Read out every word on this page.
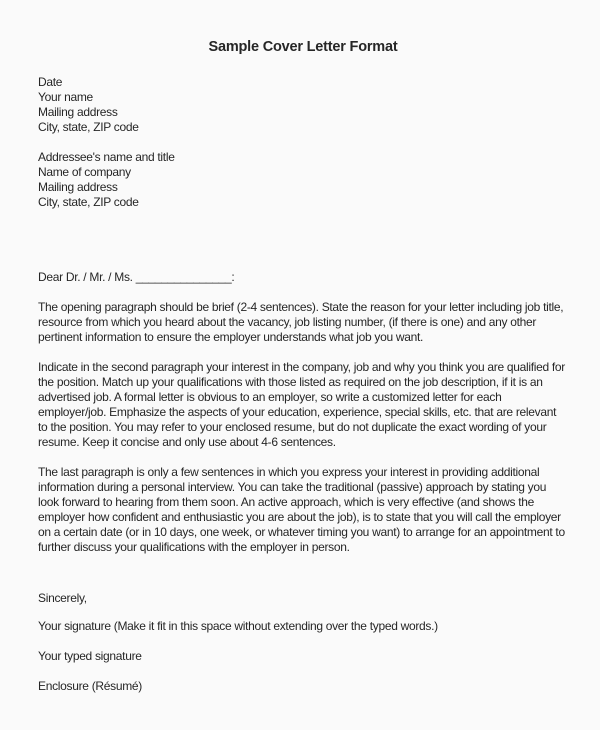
Sample Cover Letter Format
Date
Your name
Mailing address
City, state, ZIP code
Addressee's name and title
Name of company
Mailing address
City, state, ZIP code
Dear Dr. / Mr. / Ms. _______________:
The opening paragraph should be brief (2-4 sentences). State the reason for your letter including job title, resource from which you heard about the vacancy, job listing number, (if there is one) and any other pertinent information to ensure the employer understands what job you want.
Indicate in the second paragraph your interest in the company, job and why you think you are qualified for the position. Match up your qualifications with those listed as required on the job description, if it is an advertised job. A formal letter is obvious to an employer, so write a customized letter for each employer/job. Emphasize the aspects of your education, experience, special skills, etc. that are relevant to the position. You may refer to your enclosed resume, but do not duplicate the exact wording of your resume. Keep it concise and only use about 4-6 sentences.
The last paragraph is only a few sentences in which you express your interest in providing additional information during a personal interview. You can take the traditional (passive) approach by stating you look forward to hearing from them soon. An active approach, which is very effective (and shows the employer how confident and enthusiastic you are about the job), is to state that you will call the employer on a certain date (or in 10 days, one week, or whatever timing you want) to arrange for an appointment to further discuss your qualifications with the employer in person.
Sincerely,
Your signature (Make it fit in this space without extending over the typed words.)
Your typed signature
Enclosure (Résumé)
